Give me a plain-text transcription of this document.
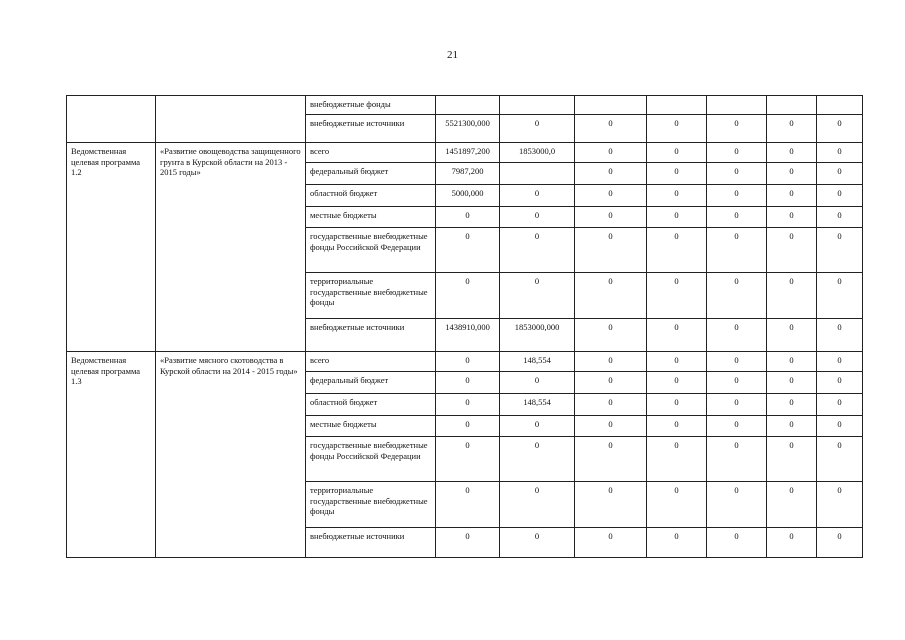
21
		внебюджетные фонды							
		внебюджетные источники	5521300,000	0	0	0	0	0	0
Ведомственная целевая программа 1.2	«Развитие овощеводства защищенного грунта в Курской области на 2013 - 2015 годы»	всего	1451897,200	1853000,0	0	0	0	0	0
		федеральный бюджет	7987,200		0	0	0	0	0
		областной бюджет	5000,000	0	0	0	0	0	0
		местные бюджеты	0	0	0	0	0	0	0
		государственные внебюджетные фонды Российской Федерации	0	0	0	0	0	0	0
		территориальные государственные внебюджетные фонды	0	0	0	0	0	0	0
		внебюджетные источники	1438910,000	1853000,000	0	0	0	0	0
Ведомственная целевая программа 1.3	«Развитие мясного скотоводства в Курской области на 2014 - 2015 годы»	всего	0	148,554	0	0	0	0	0
		федеральный бюджет	0	0	0	0	0	0	0
		областной бюджет	0	148,554	0	0	0	0	0
		местные бюджеты	0	0	0	0	0	0	0
		государственные внебюджетные фонды Российской Федерации	0	0	0	0	0	0	0
		территориальные государственные внебюджетные фонды	0	0	0	0	0	0	0
		внебюджетные источники	0	0	0	0	0	0	0
